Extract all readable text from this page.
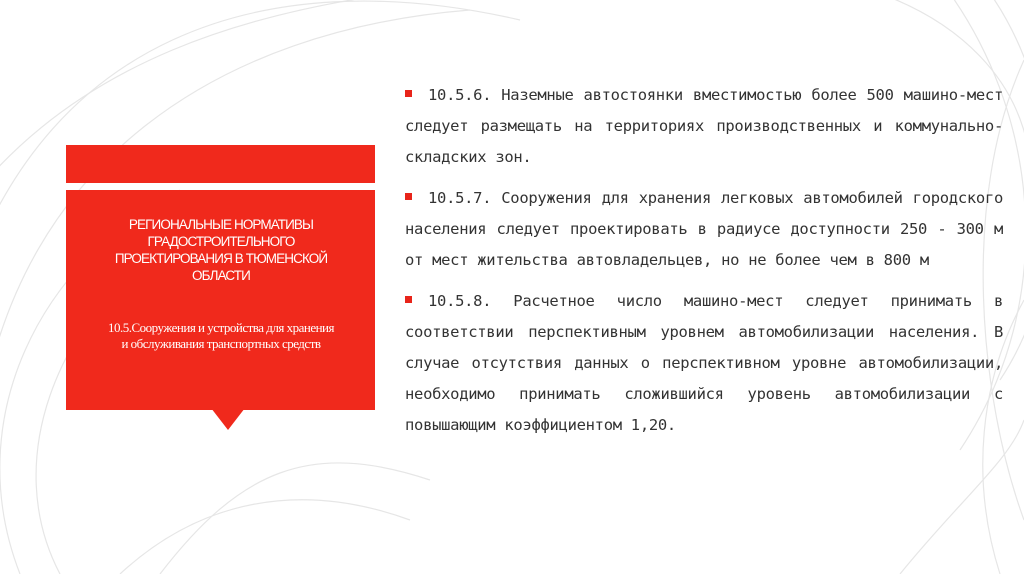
РЕГИОНАЛЬНЫЕ НОРМАТИВЫ ГРАДОСТРОИТЕЛЬНОГО ПРОЕКТИРОВАНИЯ В ТЮМЕНСКОЙ ОБЛАСТИ
10.5.Сооружения и устройства для хранения и обслуживания транспортных средств

10.5.6. Наземные автостоянки вместимостью более 500 машино-мест следует размещать на территориях производственных и коммунально-складских зон.

10.5.7. Сооружения для хранения легковых автомобилей городского населения следует проектировать в радиусе доступности 250 - 300 м от мест жительства автовладельцев, но не более чем в 800 м

10.5.8. Расчетное число машино-мест следует принимать в соответствии перспективным уровнем автомобилизации населения. В случае отсутствия данных о перспективном уровне автомобилизации, необходимо принимать сложившийся уровень автомобилизации с повышающим коэффициентом 1,20.
